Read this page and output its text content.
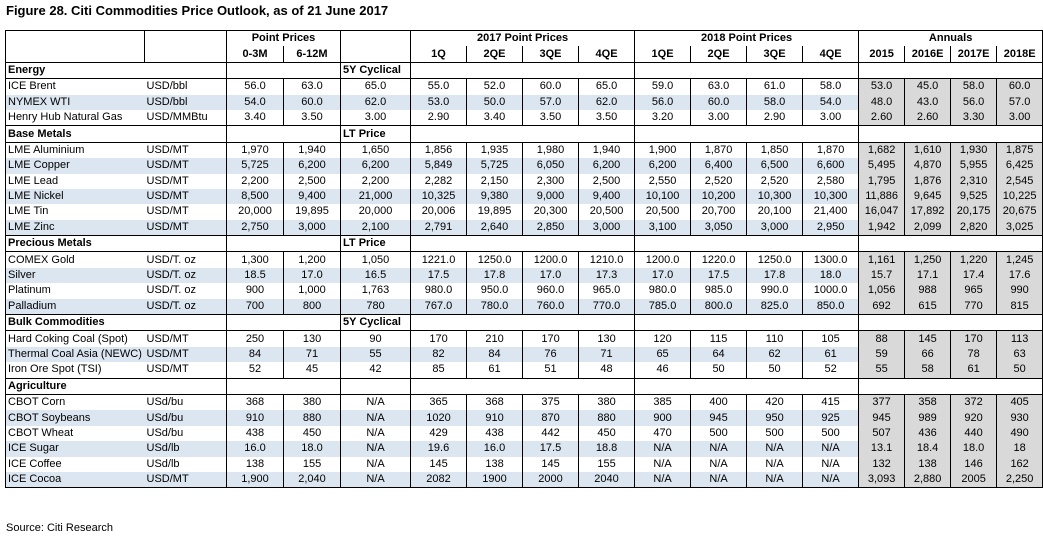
Figure 28. Citi Commodities Price Outlook, as of 21 June 2017
		Point Prices			2017 Point Prices				2018 Point Prices				Annuals			
		0-3M	6-12M		1Q	2QE	3QE	4QE	1QE	2QE	3QE	4QE	2015	2016E	2017E	2018E
Energy				5Y Cyclical												
ICE Brent	USD/bbl	56.0	63.0	65.0	55.0	52.0	60.0	65.0	59.0	63.0	61.0	58.0	53.0	45.0	58.0	60.0
NYMEX WTI	USD/bbl	54.0	60.0	62.0	53.0	50.0	57.0	62.0	56.0	60.0	58.0	54.0	48.0	43.0	56.0	57.0
Henry Hub Natural Gas	USD/MMBtu	3.40	3.50	3.00	2.90	3.40	3.50	3.50	3.20	3.00	2.90	3.00	2.60	2.60	3.30	3.00
Base Metals				LT Price												
LME Aluminium	USD/MT	1,970	1,940	1,650	1,856	1,935	1,980	1,940	1,900	1,870	1,850	1,870	1,682	1,610	1,930	1,875
LME Copper	USD/MT	5,725	6,200	6,200	5,849	5,725	6,050	6,200	6,200	6,400	6,500	6,600	5,495	4,870	5,955	6,425
LME Lead	USD/MT	2,200	2,500	2,200	2,282	2,150	2,300	2,500	2,550	2,520	2,520	2,580	1,795	1,876	2,310	2,545
LME Nickel	USD/MT	8,500	9,400	21,000	10,325	9,380	9,000	9,400	10,100	10,200	10,300	10,300	11,886	9,645	9,525	10,225
LME Tin	USD/MT	20,000	19,895	20,000	20,006	19,895	20,300	20,500	20,500	20,700	20,100	21,400	16,047	17,892	20,175	20,675
LME Zinc	USD/MT	2,750	3,000	2,100	2,791	2,640	2,850	3,000	3,100	3,050	3,000	2,950	1,942	2,099	2,820	3,025
Precious Metals				LT Price												
COMEX Gold	USD/T. oz	1,300	1,200	1,050	1221.0	1250.0	1200.0	1210.0	1200.0	1220.0	1250.0	1300.0	1,161	1,250	1,220	1,245
Silver	USD/T. oz	18.5	17.0	16.5	17.5	17.8	17.0	17.3	17.0	17.5	17.8	18.0	15.7	17.1	17.4	17.6
Platinum	USD/T. oz	900	1,000	1,763	980.0	950.0	960.0	965.0	980.0	985.0	990.0	1000.0	1,056	988	965	990
Palladium	USD/T. oz	700	800	780	767.0	780.0	760.0	770.0	785.0	800.0	825.0	850.0	692	615	770	815
Bulk Commodities				5Y Cyclical												
Hard Coking Coal (Spot)	USD/MT	250	130	90	170	210	170	130	120	115	110	105	88	145	170	113
Thermal Coal Asia (NEWC)	USD/MT	84	71	55	82	84	76	71	65	64	62	61	59	66	78	63
Iron Ore Spot (TSI)	USD/MT	52	45	42	85	61	51	48	46	50	50	52	55	58	61	50
Agriculture																
CBOT Corn	USd/bu	368	380	N/A	365	368	375	380	385	400	420	415	377	358	372	405
CBOT Soybeans	USd/bu	910	880	N/A	1020	910	870	880	900	945	950	925	945	989	920	930
CBOT Wheat	USd/bu	438	450	N/A	429	438	442	450	470	500	500	500	507	436	440	490
ICE Sugar	USd/lb	16.0	18.0	N/A	19.6	16.0	17.5	18.8	N/A	N/A	N/A	N/A	13.1	18.4	18.0	18
ICE Coffee	USd/lb	138	155	N/A	145	138	145	155	N/A	N/A	N/A	N/A	132	138	146	162
ICE Cocoa	USD/MT	1,900	2,040	N/A	2082	1900	2000	2040	N/A	N/A	N/A	N/A	3,093	2,880	2005	2,250
Source: Citi Research
